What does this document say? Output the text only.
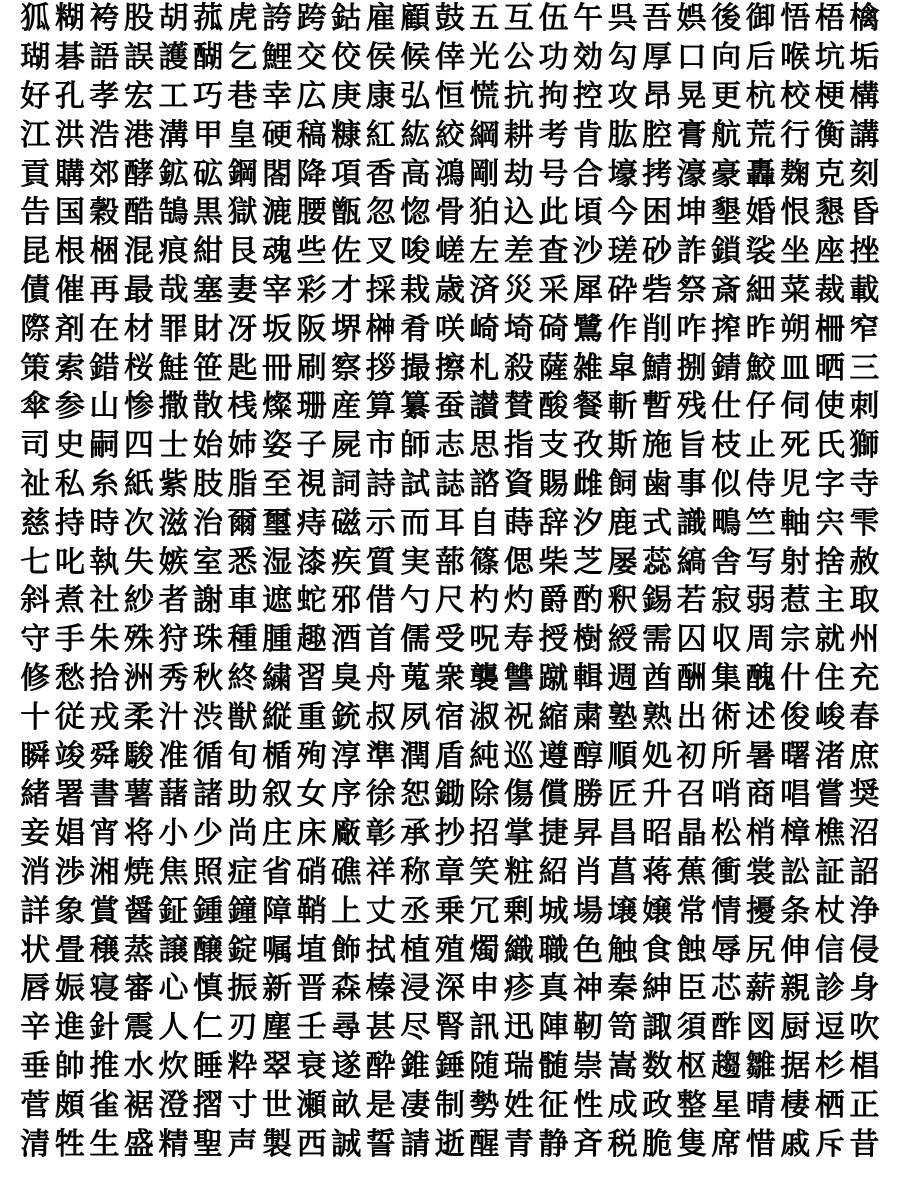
狐 糊 袴 股 胡 菰 虎 誇 跨 鈷 雇 顧 鼓 五 互 伍 午 呉 吾 娯 後 御 悟 梧 檎
瑚 碁 語 誤 護 醐 乞 鯉 交 佼 侯 候 倖 光 公 功 効 勾 厚 口 向 后 喉 坑 垢
好 孔 孝 宏 工 巧 巷 幸 広 庚 康 弘 恒 慌 抗 拘 控 攻 昂 晃 更 杭 校 梗 構
江 洪 浩 港 溝 甲 皇 硬 稿 糠 紅 紘 絞 綱 耕 考 肯 肱 腔 膏 航 荒 行 衡 講
貢 購 郊 酵 鉱 砿 鋼 閤 降 項 香 高 鴻 剛 劫 号 合 壕 拷 濠 豪 轟 麹 克 刻
告 国 穀 酷 鵠 黒 獄 漉 腰 甑 忽 惚 骨 狛 込 此 頃 今 困 坤 墾 婚 恨 懇 昏
昆 根 梱 混 痕 紺 艮 魂 些 佐 叉 唆 嵯 左 差 査 沙 瑳 砂 詐 鎖 裟 坐 座 挫
債 催 再 最 哉 塞 妻 宰 彩 才 採 栽 歳 済 災 采 犀 砕 砦 祭 斎 細 菜 裁 載
際 剤 在 材 罪 財 冴 坂 阪 堺 榊 肴 咲 崎 埼 碕 鷺 作 削 咋 搾 昨 朔 柵 窄
策 索 錯 桜 鮭 笹 匙 冊 刷 察 拶 撮 擦 札 殺 薩 雑 皐 鯖 捌 錆 鮫 皿 晒 三
傘 参 山 惨 撒 散 桟 燦 珊 産 算 纂 蚕 讃 賛 酸 餐 斬 暫 残 仕 仔 伺 使 刺
司 史 嗣 四 士 始 姉 姿 子 屍 市 師 志 思 指 支 孜 斯 施 旨 枝 止 死 氏 獅
祉 私 糸 紙 紫 肢 脂 至 視 詞 詩 試 誌 諮 資 賜 雌 飼 歯 事 似 侍 児 字 寺
慈 持 時 次 滋 治 爾 璽 痔 磁 示 而 耳 自 蒔 辞 汐 鹿 式 識 鴫 竺 軸 宍 雫
七 叱 執 失 嫉 室 悉 湿 漆 疾 質 実 蔀 篠 偲 柴 芝 屡 蕊 縞 舎 写 射 捨 赦
斜 煮 社 紗 者 謝 車 遮 蛇 邪 借 勺 尺 杓 灼 爵 酌 釈 錫 若 寂 弱 惹 主 取
守 手 朱 殊 狩 珠 種 腫 趣 酒 首 儒 受 呪 寿 授 樹 綬 需 囚 収 周 宗 就 州
修 愁 拾 洲 秀 秋 終 繍 習 臭 舟 蒐 衆 襲 讐 蹴 輯 週 酋 酬 集 醜 什 住 充
十 従 戎 柔 汁 渋 獣 縦 重 銃 叔 夙 宿 淑 祝 縮 粛 塾 熟 出 術 述 俊 峻 春
瞬 竣 舜 駿 准 循 旬 楯 殉 淳 準 潤 盾 純 巡 遵 醇 順 処 初 所 暑 曙 渚 庶
緒 署 書 薯 藷 諸 助 叙 女 序 徐 恕 鋤 除 傷 償 勝 匠 升 召 哨 商 唱 嘗 奨
妾 娼 宵 将 小 少 尚 庄 床 廠 彰 承 抄 招 掌 捷 昇 昌 昭 晶 松 梢 樟 樵 沼
消 渉 湘 焼 焦 照 症 省 硝 礁 祥 称 章 笑 粧 紹 肖 菖 蒋 蕉 衝 裳 訟 証 詔
詳 象 賞 醤 鉦 鍾 鐘 障 鞘 上 丈 丞 乗 冗 剰 城 場 壌 嬢 常 情 擾 条 杖 浄
状 畳 穣 蒸 譲 醸 錠 嘱 埴 飾 拭 植 殖 燭 織 職 色 触 食 蝕 辱 尻 伸 信 侵
唇 娠 寝 審 心 慎 振 新 晋 森 榛 浸 深 申 疹 真 神 秦 紳 臣 芯 薪 親 診 身
辛 進 針 震 人 仁 刃 塵 壬 尋 甚 尽 腎 訊 迅 陣 靭 笥 諏 須 酢 図 厨 逗 吹
垂 帥 推 水 炊 睡 粋 翠 衰 遂 酔 錐 錘 随 瑞 髄 崇 嵩 数 枢 趨 雛 据 杉 椙
菅 頗 雀 裾 澄 摺 寸 世 瀬 畝 是 凄 制 勢 姓 征 性 成 政 整 星 晴 棲 栖 正
清 牲 生 盛 精 聖 声 製 西 誠 誓 請 逝 醒 青 静 斉 税 脆 隻 席 惜 戚 斥 昔
